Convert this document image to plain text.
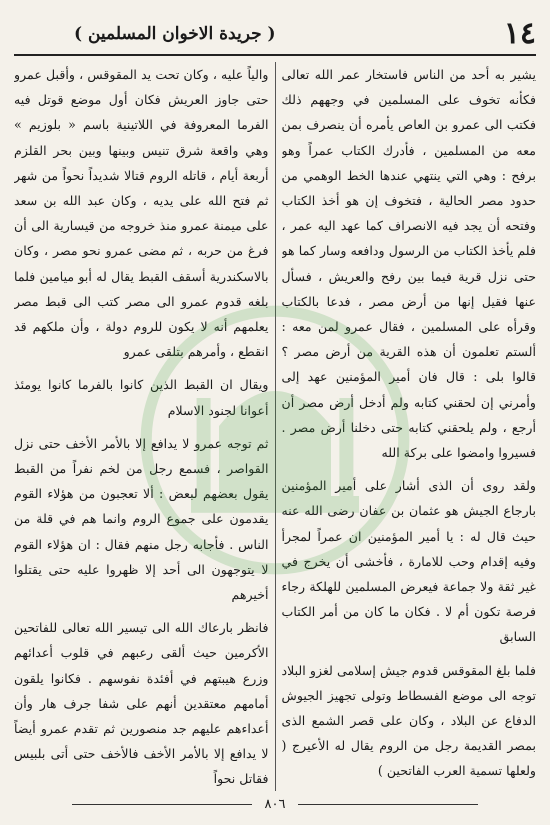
١٤
( جريدة الاخوان المسلمين )

يشير به أحد من الناس فاستخار عمر الله تعالى فكأنه تخوف على المسلمين في وجههم ذلك فكتب الى عمرو بن العاص يأمره أن ينصرف بمن معه من المسلمين ، فأدرك الكتاب عمراً وهو برفح : وهي التي ينتهي عندها الخط الوهمي من حدود مصر الحالية ، فتخوف إن هو أخذ الكتاب وفتحه أن يجد فيه الانصراف كما عهد اليه عمر ، فلم يأخذ الكتاب من الرسول ودافعه وسار كما هو حتى نزل قرية فيما بين رفح والعريش ، فسأل عنها فقيل إنها من أرض مصر ، فدعا بالكتاب وقرأه على المسلمين ، فقال عمرو لمن معه : ألستم تعلمون أن هذه القرية من أرض مصر ؟ قالوا بلى : قال فان أمير المؤمنين عهد إلى وأمرني إن لحقني كتابه ولم أدخل أرض مصر أن أرجع ، ولم يلحقني كتابه حتى دخلنا أرض مصر . فسيروا وامضوا على بركة الله

ولقد روى أن الذى أشار على أمير المؤمنين بارجاع الجيش هو عثمان بن عفان رضى الله عنه حيث قال له : يا أمير المؤمنين ان عمراً لمجرأ وفيه إقدام وحب للامارة ، فأخشى أن يخرج في غير ثقة ولا جماعة فيعرض المسلمين للهلكة رجاء فرصة تكون أم لا . فكان ما كان من أمر الكتاب السابق

فلما بلغ المقوقس قدوم جيش إسلامى لغزو البلاد توجه الى موضع الفسطاط وتولى تجهيز الجيوش الدفاع عن البلاد ، وكان على قصر الشمع الذى بمصر القديمة رجل من الروم يقال له الأعيرج ( ولعلها تسمية العرب الفاتحين )

والياً عليه ، وكان تحت يد المقوقس ، وأقبل عمرو حتى جاوز العريش فكان أول موضع قوتل فيه الفرما المعروفة في اللاتينية باسم « بلوزيم » وهي واقعة شرق تنيس وبينها وبين بحر القلزم أربعة أيام ، قاتله الروم قتالا شديداً نحواً من شهر ثم فتح الله على يديه ، وكان عبد الله بن سعد على ميمنة عمرو منذ خروجه من قيسارية الى أن فرغ من حربه ، ثم مضى عمرو نحو مصر ، وكان بالاسكندرية أسقف القبط يقال له أبو ميامين فلما بلغه قدوم عمرو الى مصر كتب الى قبط مصر يعلمهم أنه لا يكون للروم دولة ، وأن ملكهم قد انقطع ، وأمرهم بتلقى عمرو

ويقال ان القبط الذين كانوا بالفرما كانوا يومئذ أعوانا لجنود الاسلام

ثم توجه عمرو لا يدافع إلا بالأمر الأخف حتى نزل القواصر ، فسمع رجل من لخم نفراً من القبط يقول بعضهم لبعض : ألا تعجبون من هؤلاء القوم يقدمون على جموع الروم وانما هم في قلة من الناس . فأجابه رجل منهم فقال : ان هؤلاء القوم لا يتوجهون الى أحد إلا ظهروا عليه حتى يقتلوا أخيرهم

فانظر بارعاك الله الى تيسير الله تعالى للفاتحين الأكرمين حيث ألقى رعبهم في قلوب أعدائهم وزرع هيبتهم في أفئدة نفوسهم . فكانوا يلقون أمامهم معتقدين أنهم على شفا جرف هار وأن أعداءهم عليهم جد منصورين ثم تقدم عمرو أيضاً لا يدافع إلا بالأمر الأخف فالأخف حتى أتى بلبيس فقاتل نحواً

٨٠٦
